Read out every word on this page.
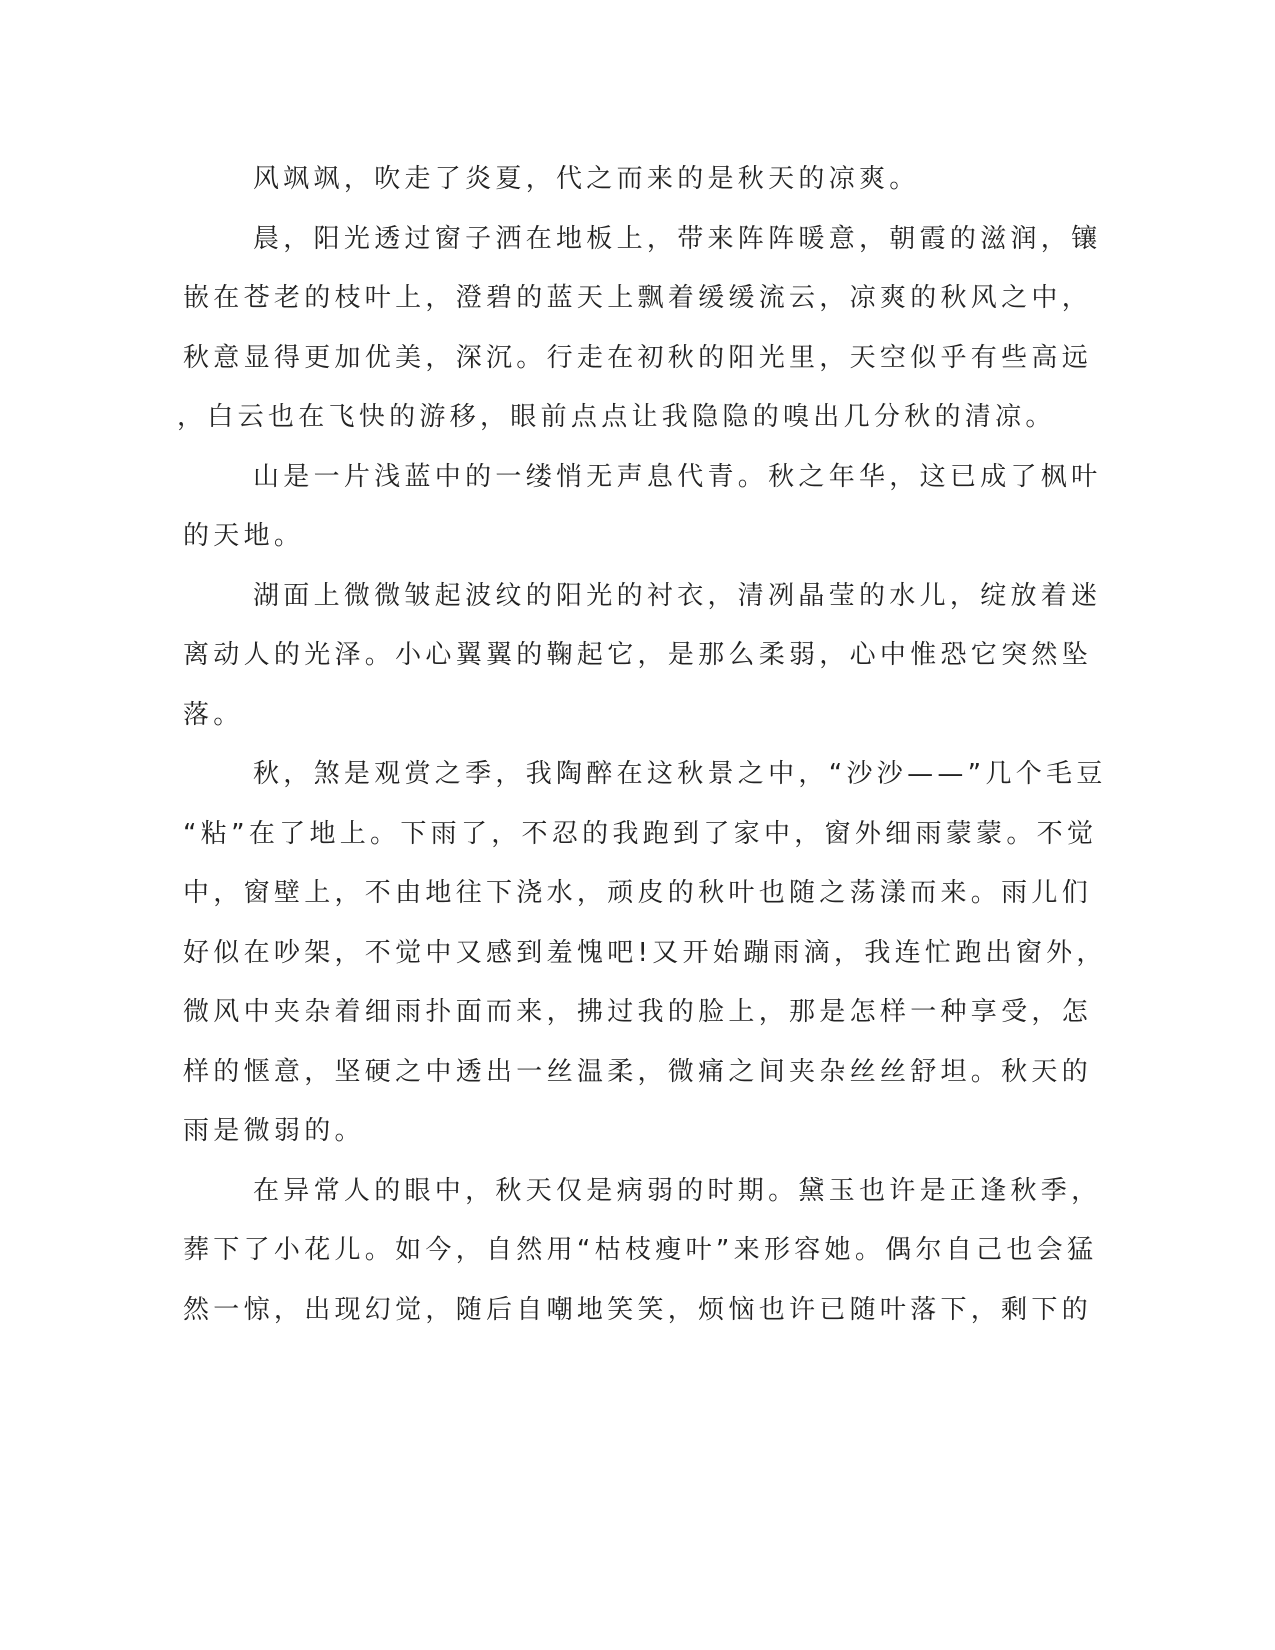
风飒飒，吹走了炎夏，代之而来的是秋天的凉爽。
晨，阳光透过窗子洒在地板上，带来阵阵暖意，朝霞的滋润，镶
嵌在苍老的枝叶上，澄碧的蓝天上飘着缓缓流云，凉爽的秋风之中，
秋意显得更加优美，深沉。行走在初秋的阳光里，天空似乎有些高远
，白云也在飞快的游移，眼前点点让我隐隐的嗅出几分秋的清凉。
山是一片浅蓝中的一缕悄无声息代青。秋之年华，这已成了枫叶
的天地。
湖面上微微皱起波纹的阳光的衬衣，清冽晶莹的水儿，绽放着迷
离动人的光泽。小心翼翼的鞠起它，是那么柔弱，心中惟恐它突然坠
落。
秋，煞是观赏之季，我陶醉在这秋景之中，“沙沙——”几个毛豆
“粘”在了地上。下雨了，不忍的我跑到了家中，窗外细雨蒙蒙。不觉
中，窗壁上，不由地往下浇水，顽皮的秋叶也随之荡漾而来。雨儿们
好似在吵架，不觉中又感到羞愧吧!又开始蹦雨滴，我连忙跑出窗外，
微风中夹杂着细雨扑面而来，拂过我的脸上，那是怎样一种享受，怎
样的惬意，坚硬之中透出一丝温柔，微痛之间夹杂丝丝舒坦。秋天的
雨是微弱的。
在异常人的眼中，秋天仅是病弱的时期。黛玉也许是正逢秋季，
葬下了小花儿。如今，自然用“枯枝瘦叶”来形容她。偶尔自己也会猛
然一惊，出现幻觉，随后自嘲地笑笑，烦恼也许已随叶落下，剩下的
